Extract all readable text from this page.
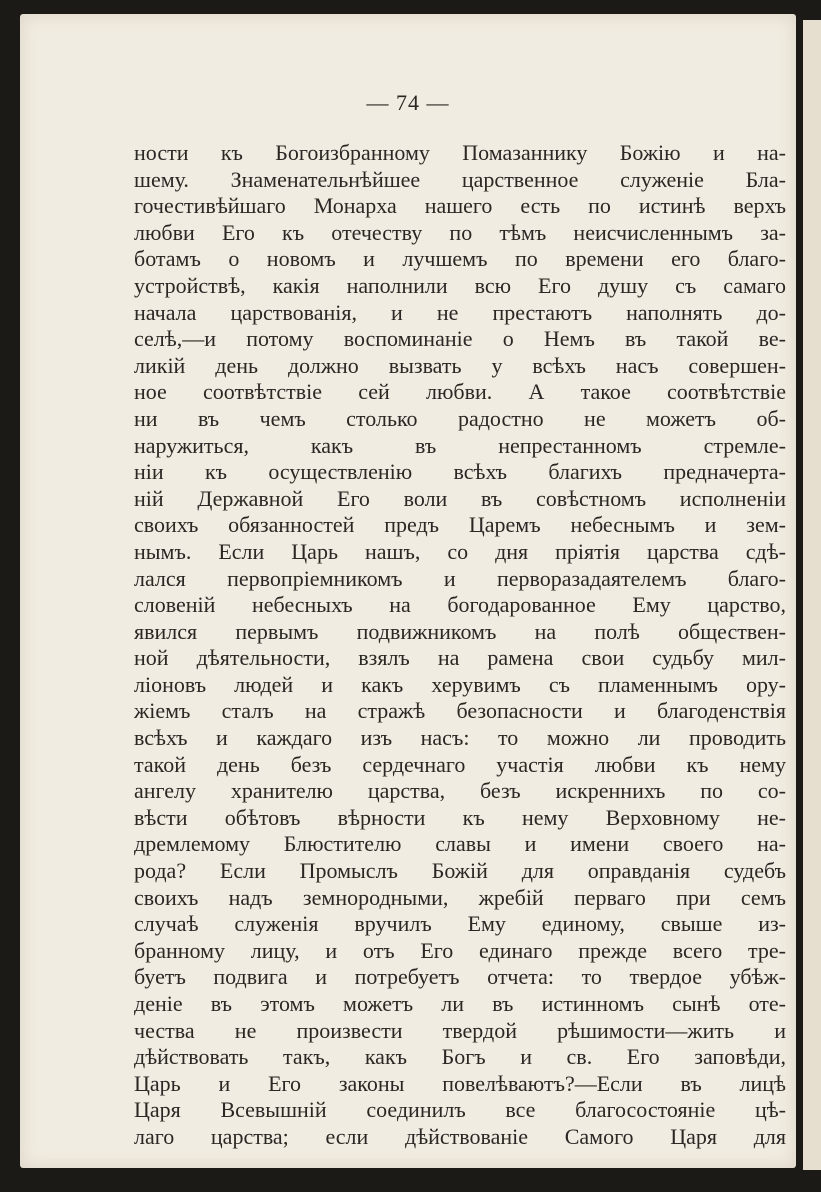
— 74 —
ности къ Богоизбранному Помазаннику Божiю и на-
шему. Знаменательнѣйшее царственное служенiе Бла-
гочестивѣйшаго Монарха нашего есть по истинѣ верхъ
любви Его къ отечеству по тѣмъ неисчисленнымъ за-
ботамъ о новомъ и лучшемъ по времени его благо-
устройствѣ, какiя наполнили всю Его душу съ самаго
начала царствованiя, и не престаютъ наполнять до-
селѣ,—и потому воспоминанiе о Немъ въ такой ве-
ликiй день должно вызвать у всѣхъ насъ совершен-
ное соотвѣтствiе сей любви. А такое соотвѣтствiе
ни въ чемъ столько радостно не можетъ об-
наружиться, какъ въ непрестанномъ стремле-
нiи къ осуществленiю всѣхъ благихъ предначерта-
нiй Державной Его воли въ совѣстномъ исполненiи
своихъ обязанностей предъ Царемъ небеснымъ и зем-
нымъ. Если Царь нашъ, со дня прiятiя царства сдѣ-
лался первопрiемникомъ и перворазадаятелемъ благо-
словенiй небесныхъ на богодарованное Ему царство,
явился первымъ подвижникомъ на полѣ обществен-
ной дѣятельности, взялъ на рамена свои судьбу мил-
лiоновъ людей и какъ херувимъ съ пламеннымъ ору-
жiемъ сталъ на стражѣ безопасности и благоденствiя
всѣхъ и каждаго изъ насъ: то можно ли проводить
такой день безъ сердечнаго участiя любви къ нему
ангелу хранителю царства, безъ искреннихъ по со-
вѣсти обѣтовъ вѣрности къ нему Верховному не-
дремлемому Блюстителю славы и имени своего на-
рода? Если Промыслъ Божiй для оправданiя судебъ
своихъ надъ земнородными, жребiй перваго при семъ
случаѣ служенiя вручилъ Ему единому, свыше из-
бранному лицу, и отъ Его единаго прежде всего тре-
буетъ подвига и потребуетъ отчета: то твердое убѣж-
денiе въ этомъ можетъ ли въ истинномъ сынѣ оте-
чества не произвести твердой рѣшимости—жить и
дѣйствовать такъ, какъ Богъ и св. Его заповѣди,
Царь и Его законы повелѣваютъ?—Если въ лицѣ
Царя Всевышнiй соединилъ все благосостоянiе цѣ-
лаго царства; если дѣйствованiе Самого Царя для
